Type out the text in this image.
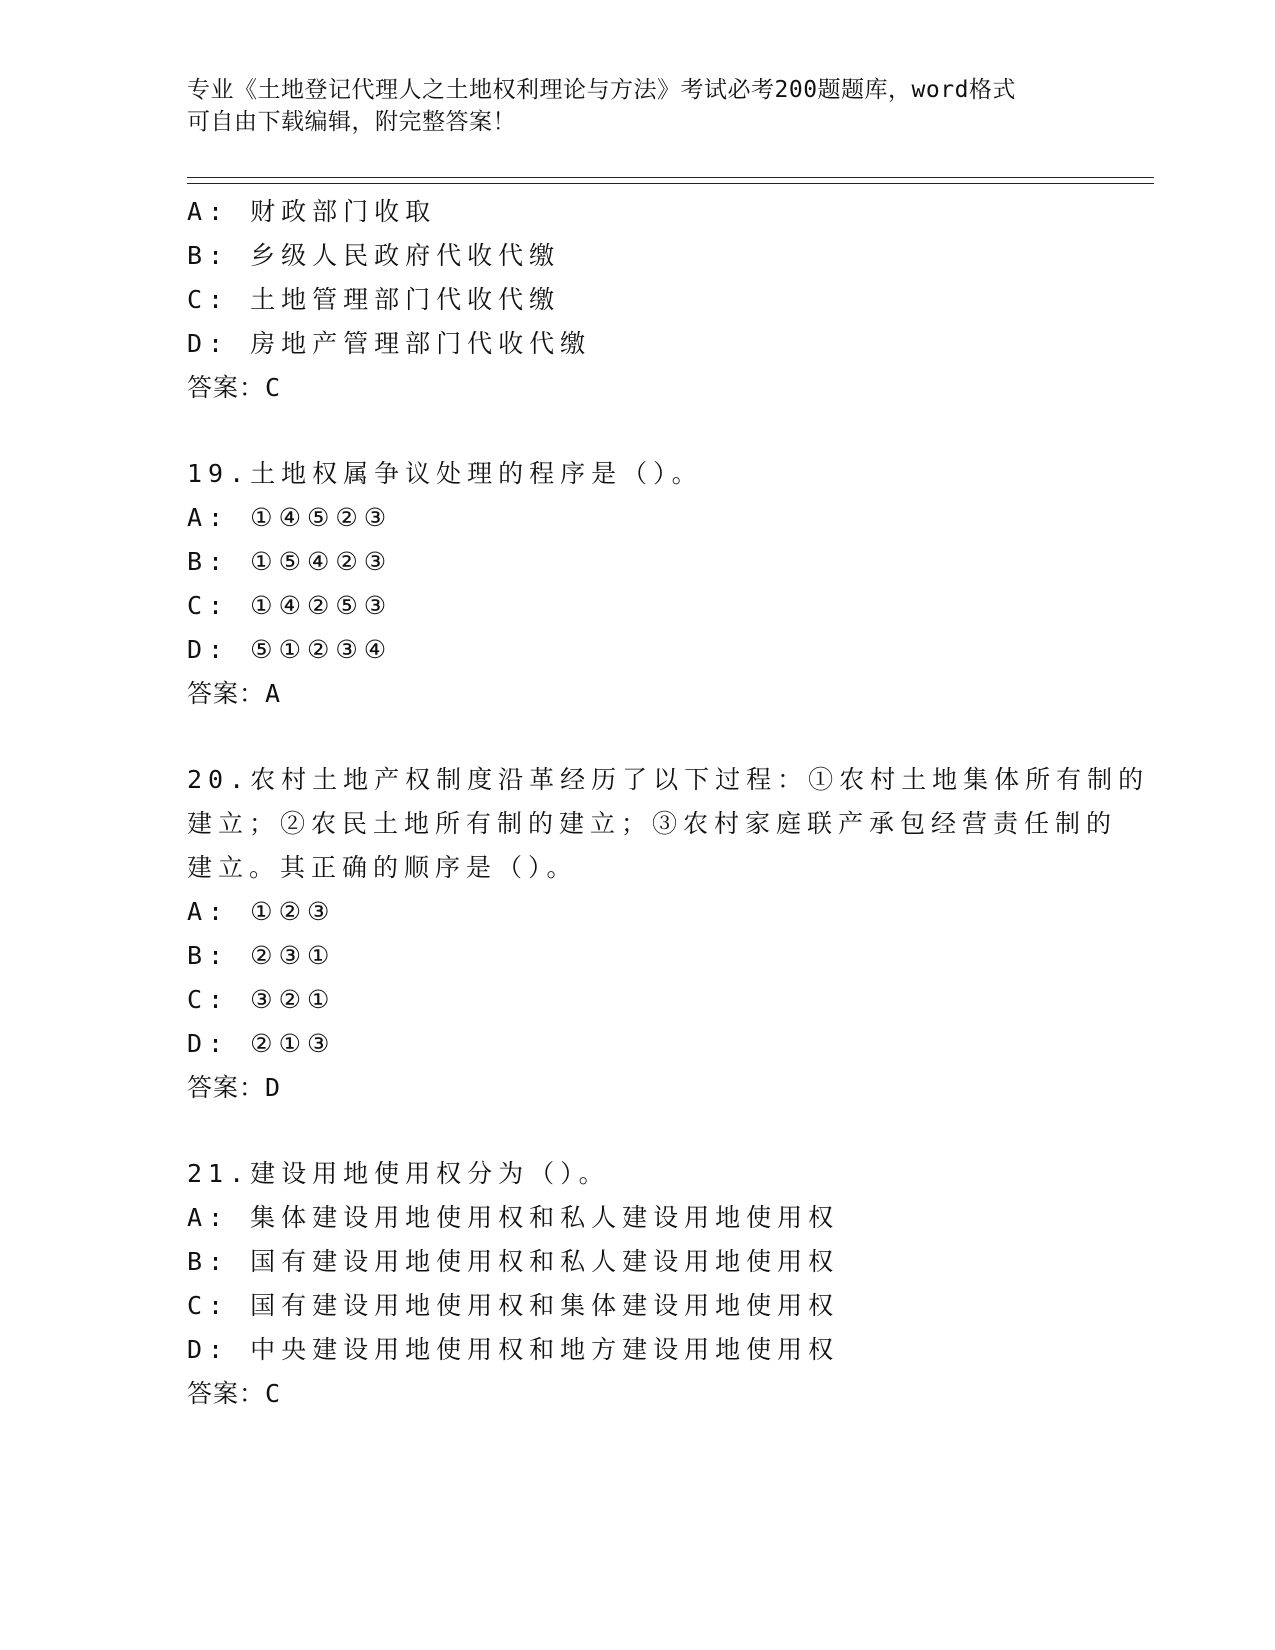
专业《土地登记代理人之土地权利理论与方法》考试必考200题题库，word格式
可自由下载编辑，附完整答案！
A: 财政部门收取
B: 乡级人民政府代收代缴
C: 土地管理部门代收代缴
D: 房地产管理部门代收代缴
答案：C
19.土地权属争议处理的程序是（）。
A: ①④⑤②③
B: ①⑤④②③
C: ①④②⑤③
D: ⑤①②③④
答案：A
20.农村土地产权制度沿革经历了以下过程：①农村土地集体所有制的
建立；②农民土地所有制的建立；③农村家庭联产承包经营责任制的
建立。其正确的顺序是（）。
A: ①②③
B: ②③①
C: ③②①
D: ②①③
答案：D
21.建设用地使用权分为（）。
A: 集体建设用地使用权和私人建设用地使用权
B: 国有建设用地使用权和私人建设用地使用权
C: 国有建设用地使用权和集体建设用地使用权
D: 中央建设用地使用权和地方建设用地使用权
答案：C
